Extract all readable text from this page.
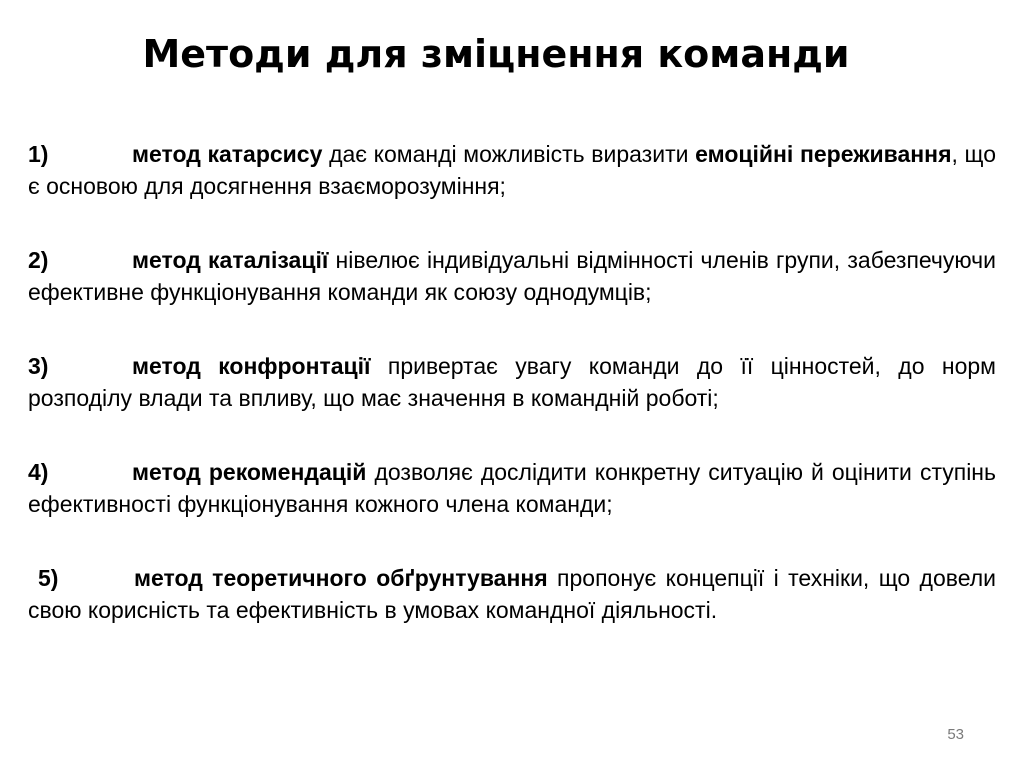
Методи для зміцнення команди

1)	метод катарсису дає команді можливість виразити емоційні переживання, що є основою для досягнення взаєморозуміння;

2)	метод каталізації нівелює індивідуальні відмінності членів групи, забезпечуючи ефективне функціонування команди як союзу однодумців;

3)	метод конфронтації привертає увагу команди до її цінностей, до норм розподілу влади та впливу, що має значення в командній роботі;

4)	метод рекомендацій дозволяє дослідити конкретну ситуацію й оцінити ступінь ефективності функціонування кожного члена команди;

5)	метод теоретичного обґрунтування пропонує концепції і техніки, що довели свою корисність та ефективність в умовах командної діяльності.

53
